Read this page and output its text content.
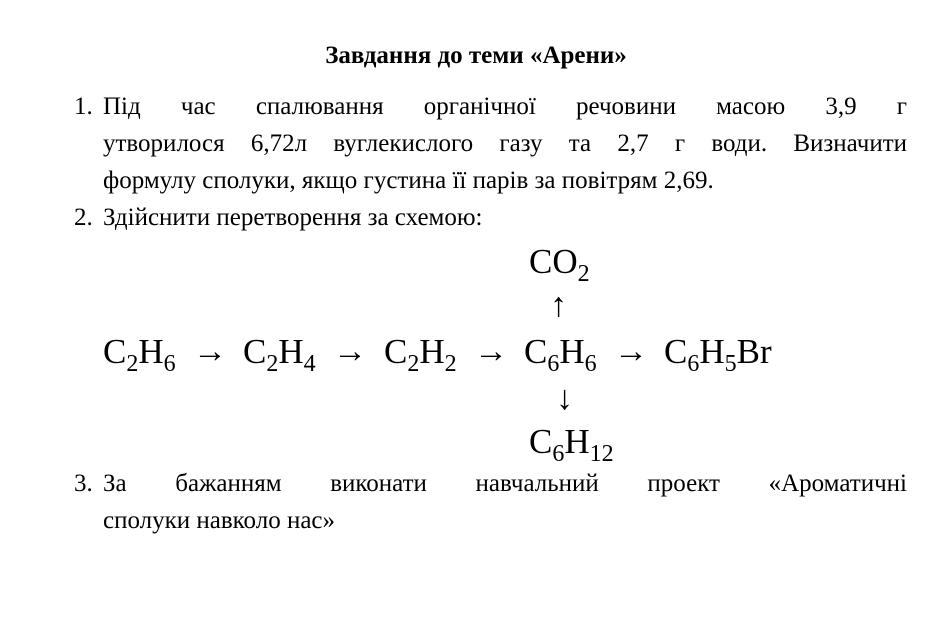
Завдання до теми «Арени»
1. Під час спалювання органічної речовини масою 3,9 г
утворилося 6,72л вуглекислого газу та 2,7 г води. Визначити
формулу сполуки, якщо густина її парів за повітрям 2,69.
2. Здійснити перетворення за схемою:
$CO_2$
↑
$C_2H_6 \to C_2H_4 \to C_2H_2 \to C_6H_6 \to C_6H_5Br$
↓
$C_6H_{12}$
3. За бажанням виконати навчальний проект «Ароматичні
сполуки навколо нас»
